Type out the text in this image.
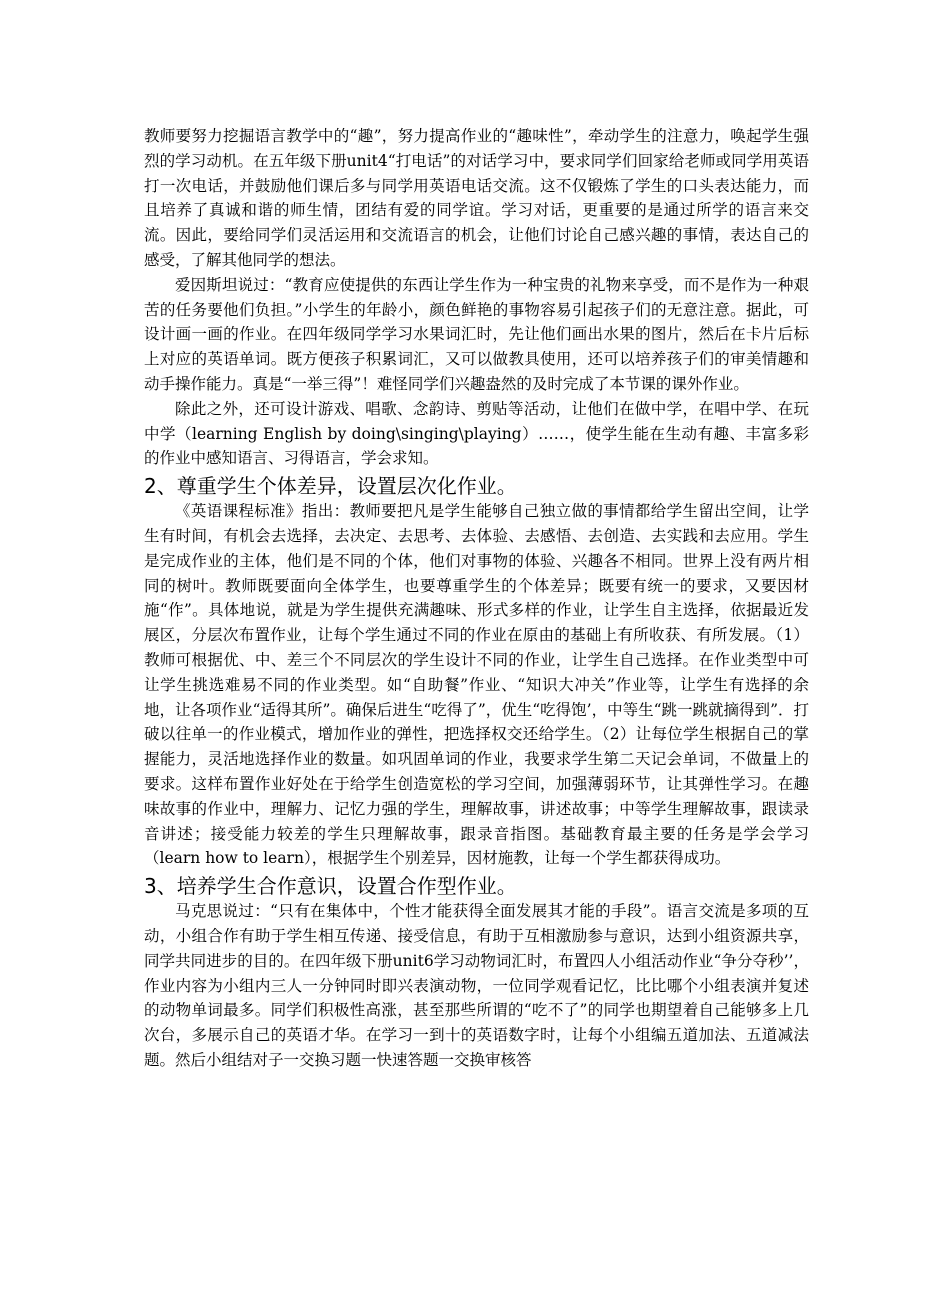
教师要努力挖掘语言教学中的“趣”，努力提高作业的“趣味性”，牵动学生的注意力，唤起学生强烈的学习动机。在五年级下册unit4“打电话”的对话学习中，要求同学们回家给老师或同学用英语打一次电话，并鼓励他们课后多与同学用英语电话交流。这不仅锻炼了学生的口头表达能力，而且培养了真诚和谐的师生情，团结有爱的同学谊。学习对话，更重要的是通过所学的语言来交流。因此，要给同学们灵活运用和交流语言的机会，让他们讨论自己感兴趣的事情，表达自己的感受，了解其他同学的想法。

爱因斯坦说过：“教育应使提供的东西让学生作为一种宝贵的礼物来享受，而不是作为一种艰苦的任务要他们负担。”小学生的年龄小，颜色鲜艳的事物容易引起孩子们的无意注意。据此，可设计画一画的作业。在四年级同学学习水果词汇时，先让他们画出水果的图片，然后在卡片后标上对应的英语单词。既方便孩子积累词汇，又可以做教具使用，还可以培养孩子们的审美情趣和动手操作能力。真是“一举三得”！难怪同学们兴趣盎然的及时完成了本节课的课外作业。

除此之外，还可设计游戏、唱歌、念韵诗、剪贴等活动，让他们在做中学，在唱中学、在玩中学（learning English by doing\singing\playing）……，使学生能在生动有趣、丰富多彩的作业中感知语言、习得语言，学会求知。

2、尊重学生个体差异，设置层次化作业。

《英语课程标准》指出：教师要把凡是学生能够自己独立做的事情都给学生留出空间，让学生有时间，有机会去选择，去决定、去思考、去体验、去感悟、去创造、去实践和去应用。学生是完成作业的主体，他们是不同的个体，他们对事物的体验、兴趣各不相同。世界上没有两片相同的树叶。教师既要面向全体学生，也要尊重学生的个体差异；既要有统一的要求，又要因材施“作”。具体地说，就是为学生提供充满趣味、形式多样的作业，让学生自主选择，依据最近发展区，分层次布置作业，让每个学生通过不同的作业在原由的基础上有所收获、有所发展。（1）教师可根据优、中、差三个不同层次的学生设计不同的作业，让学生自己选择。在作业类型中可让学生挑选难易不同的作业类型。如“自助餐”作业、“知识大冲关”作业等，让学生有选择的余地，让各项作业“适得其所”。确保后进生“吃得了”，优生“吃得饱’，中等生“跳一跳就摘得到”．打破以往单一的作业模式，增加作业的弹性，把选择权交还给学生。（2）让每位学生根据自己的掌握能力，灵活地选择作业的数量。如巩固单词的作业，我要求学生第二天记会单词，不做量上的要求。这样布置作业好处在于给学生创造宽松的学习空间，加强薄弱环节，让其弹性学习。在趣味故事的作业中，理解力、记忆力强的学生，理解故事，讲述故事；中等学生理解故事，跟读录音讲述；接受能力较差的学生只理解故事，跟录音指图。基础教育最主要的任务是学会学习（learn how to learn），根据学生个别差异，因材施教，让每一个学生都获得成功。

3、培养学生合作意识，设置合作型作业。

马克思说过：“只有在集体中，个性才能获得全面发展其才能的手段”。语言交流是多项的互动，小组合作有助于学生相互传递、接受信息，有助于互相激励参与意识，达到小组资源共享，同学共同进步的目的。在四年级下册unit6学习动物词汇时，布置四人小组活动作业“争分夺秒’’，作业内容为小组内三人一分钟同时即兴表演动物，一位同学观看记忆，比比哪个小组表演并复述的动物单词最多。同学们积极性高涨，甚至那些所谓的“吃不了”的同学也期望着自己能够多上几次台，多展示自己的英语才华。在学习一到十的英语数字时，让每个小组编五道加法、五道减法题。然后小组结对子一交换习题一快速答题一交换审核答
